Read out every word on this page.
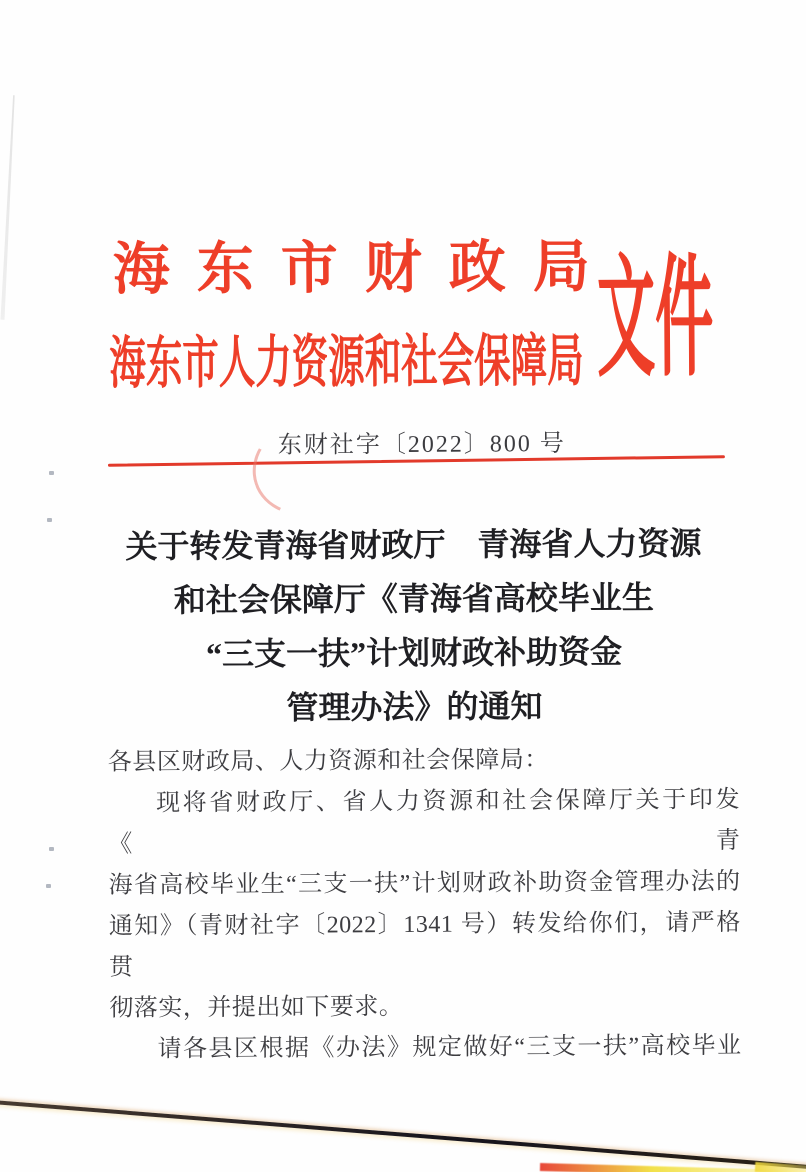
海东市财政局
海东市人力资源和社会保障局 文件
东财社字〔2022〕800 号
关于转发青海省财政厅　青海省人力资源
和社会保障厅《青海省高校毕业生
“三支一扶”计划财政补助资金
管理办法》的通知
各县区财政局、人力资源和社会保障局：
现将省财政厅、省人力资源和社会保障厅关于印发《青
海省高校毕业生“三支一扶”计划财政补助资金管理办法的
通知》（青财社字〔2022〕1341 号）转发给你们，请严格贯
彻落实，并提出如下要求。
请各县区根据《办法》规定做好“三支一扶”高校毕业
